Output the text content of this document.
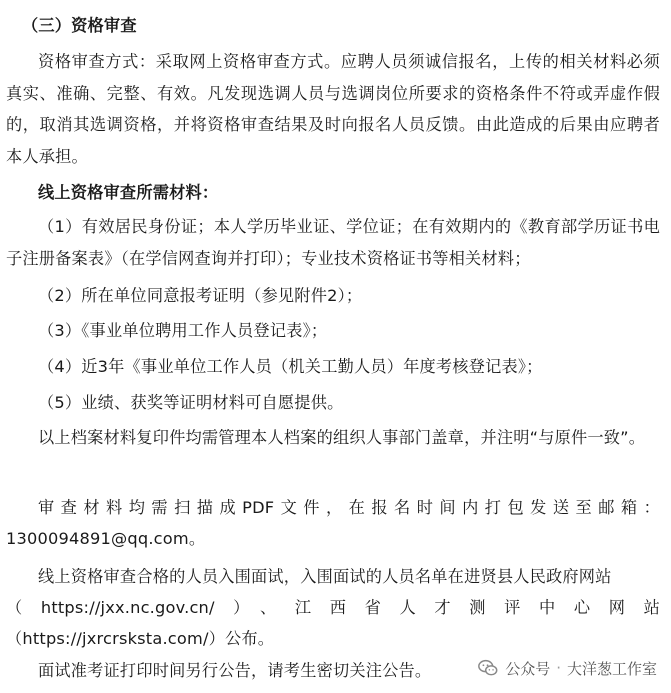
（三）资格审查

资格审查方式：采取网上资格审查方式。应聘人员须诚信报名，上传的相关材料必须真实、准确、完整、有效。凡发现选调人员与选调岗位所要求的资格条件不符或弄虚作假的，取消其选调资格，并将资格审查结果及时向报名人员反馈。由此造成的后果由应聘者本人承担。

线上资格审查所需材料：

（1）有效居民身份证；本人学历毕业证、学位证；在有效期内的《教育部学历证书电子注册备案表》（在学信网查询并打印）；专业技术资格证书等相关材料；

（2）所在单位同意报考证明（参见附件2）；

（3）《事业单位聘用工作人员登记表》；

（4）近3年《事业单位工作人员（机关工勤人员）年度考核登记表》；

（5）业绩、获奖等证明材料可自愿提供。

以上档案材料复印件均需管理本人档案的组织人事部门盖章，并注明“与原件一致”。

审查材料均需扫描成PDF文件，在报名时间内打包发送至邮箱：

1300094891@qq.com。

线上资格审查合格的人员入围面试，入围面试的人员名单在进贤县人民政府网站

（https://jxx.nc.gov.cn/）、江西省人才测评中心网站

（https://jxrcrsksta.com/）公布。

面试准考证打印时间另行公告，请考生密切关注公告。	公众号 · 大洋葱工作室
